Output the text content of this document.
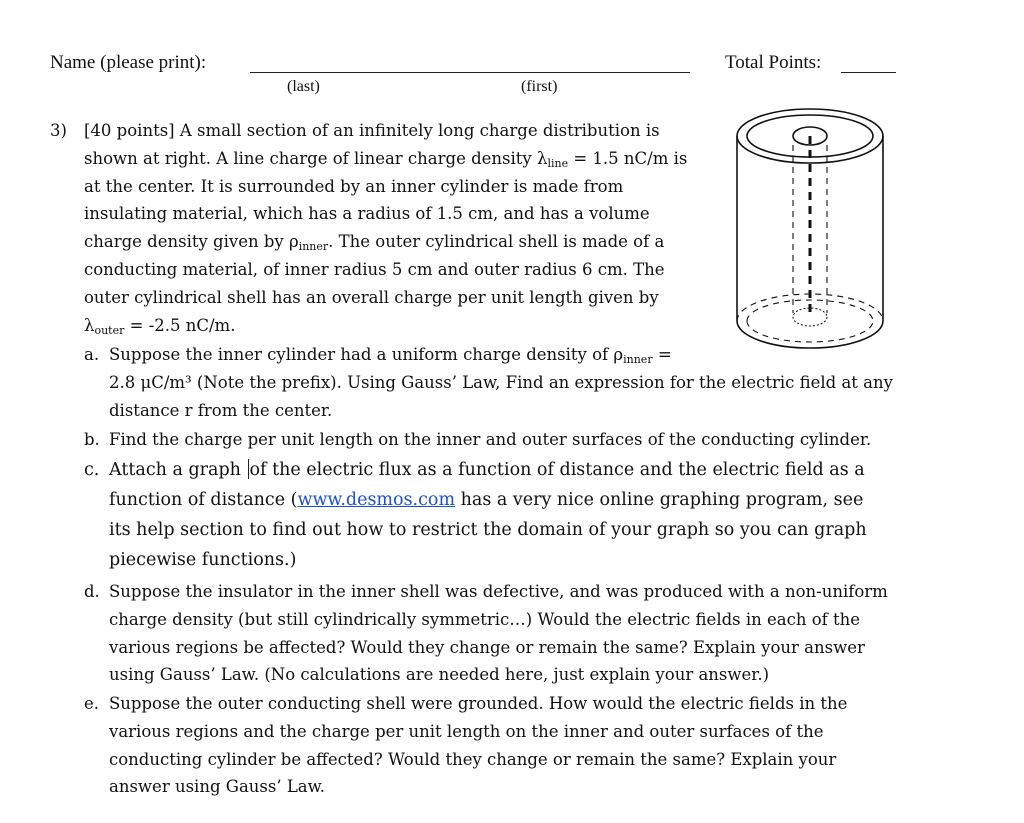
Name (please print):
(last)	(first)
Total Points:
3) [40 points] A small section of an infinitely long charge distribution is
shown at right. A line charge of linear charge density $\lambda_{line} = 1.5$ nC/m is
at the center. It is surrounded by an inner cylinder is made from
insulating material, which has a radius of 1.5 cm, and has a volume
charge density given by $\rho_{inner}$. The outer cylindrical shell is made of a
conducting material, of inner radius 5 cm and outer radius 6 cm. The
outer cylindrical shell has an overall charge per unit length given by
$\lambda_{outer} = -2.5$ nC/m.
a. Suppose the inner cylinder had a uniform charge density of $\rho_{inner}$ =
2.8 μC/m³ (Note the prefix). Using Gauss’ Law, Find an expression for the electric field at any
distance r from the center.
b. Find the charge per unit length on the inner and outer surfaces of the conducting cylinder.
c. Attach a graph of the electric flux as a function of distance and the electric field as a
function of distance (www.desmos.com has a very nice online graphing program, see
its help section to find out how to restrict the domain of your graph so you can graph
piecewise functions.)
d. Suppose the insulator in the inner shell was defective, and was produced with a non-uniform
charge density (but still cylindrically symmetric…) Would the electric fields in each of the
various regions be affected? Would they change or remain the same? Explain your answer
using Gauss’ Law. (No calculations are needed here, just explain your answer.)
e. Suppose the outer conducting shell were grounded. How would the electric fields in the
various regions and the charge per unit length on the inner and outer surfaces of the
conducting cylinder be affected? Would they change or remain the same? Explain your
answer using Gauss’ Law.
